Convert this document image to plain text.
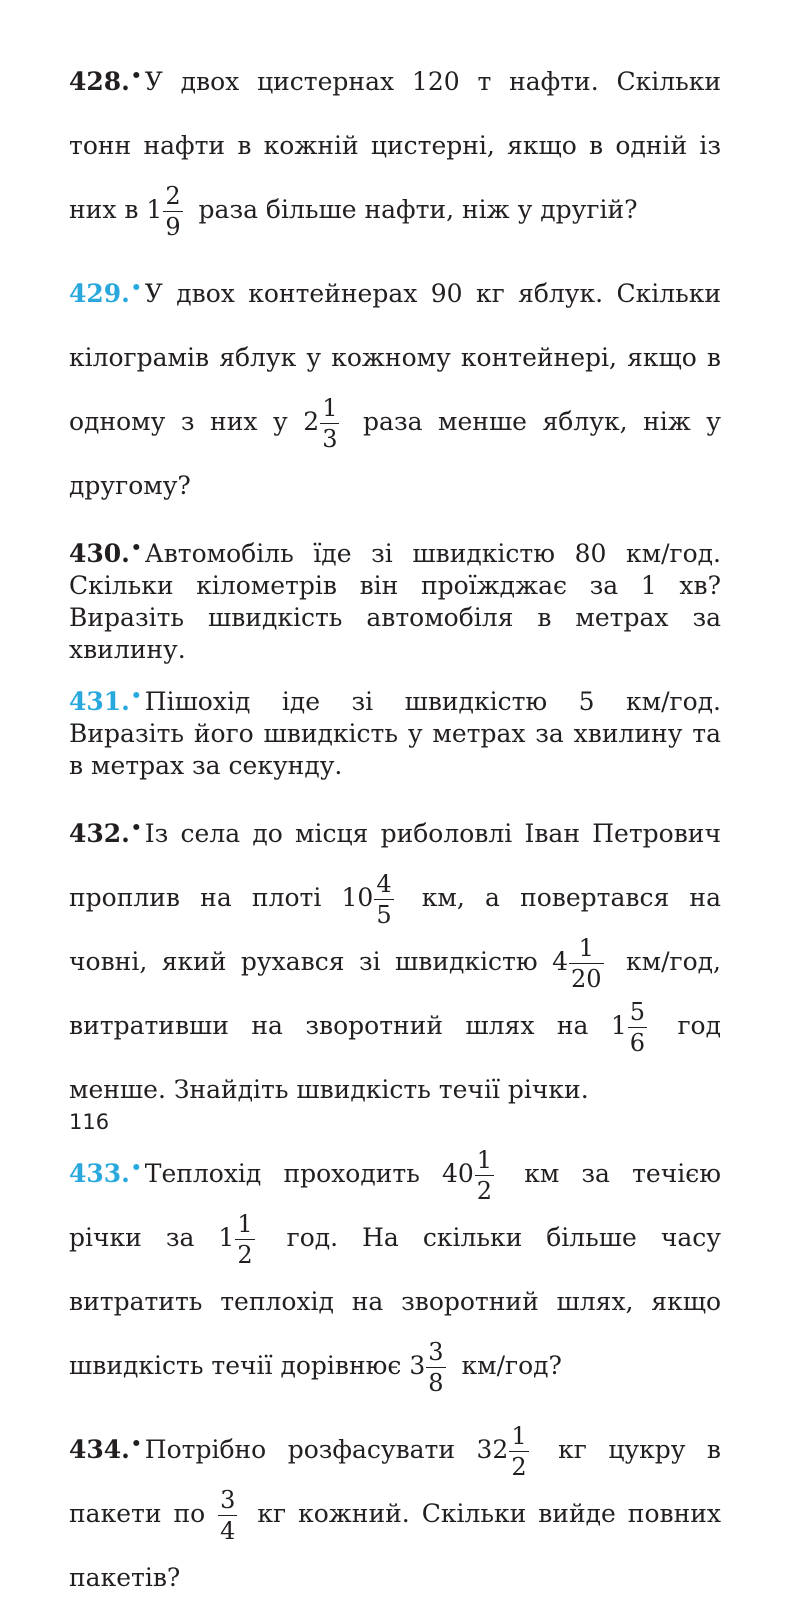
428.• У двох цистернах 120 т нафти. Скільки тонн нафти в кожній цистерні, якщо в одній із них в $1 \frac{2}{9}$ раза більше нафти, ніж у другій?
429.• У двох контейнерах 90 кг яблук. Скільки кілограмів яблук у кожному контейнері, якщо в одному з них у $2 \frac{1}{3}$ раза менше яблук, ніж у другому?
430.• Автомобіль їде зі швидкістю 80 км/год. Скільки кілометрів він проїжджає за 1 хв? Виразіть швидкість автомобіля в метрах за хвилину.
431.• Пішохід іде зі швидкістю 5 км/год. Виразіть його швидкість у метрах за хвилину та в метрах за секунду.
432.• Із села до місця риболовлі Іван Петрович проплив на плоті $10 \frac{4}{5}$ км, а повертався на човні, який рухався зі швидкістю $4 \frac{1}{20} км/год$, витративши на зворотний шлях на $1 \frac{5}{6}$ год менше. Знайдіть швидкість течії річки.
433.• Теплохід проходить $40 \frac{1}{2}$ км за течією річки за $1 \frac{1}{2}$ год. На скільки більше часу витратить теплохід на зворотний шлях, якщо швидкість течії дорівнює $3 \frac{3}{8} км/год$?
434.• Потрібно розфасувати $32 \frac{1}{2}$ кг цукру в пакети по $\frac{3}{4}$ кг кожний. Скільки вийде повних пакетів?
116
